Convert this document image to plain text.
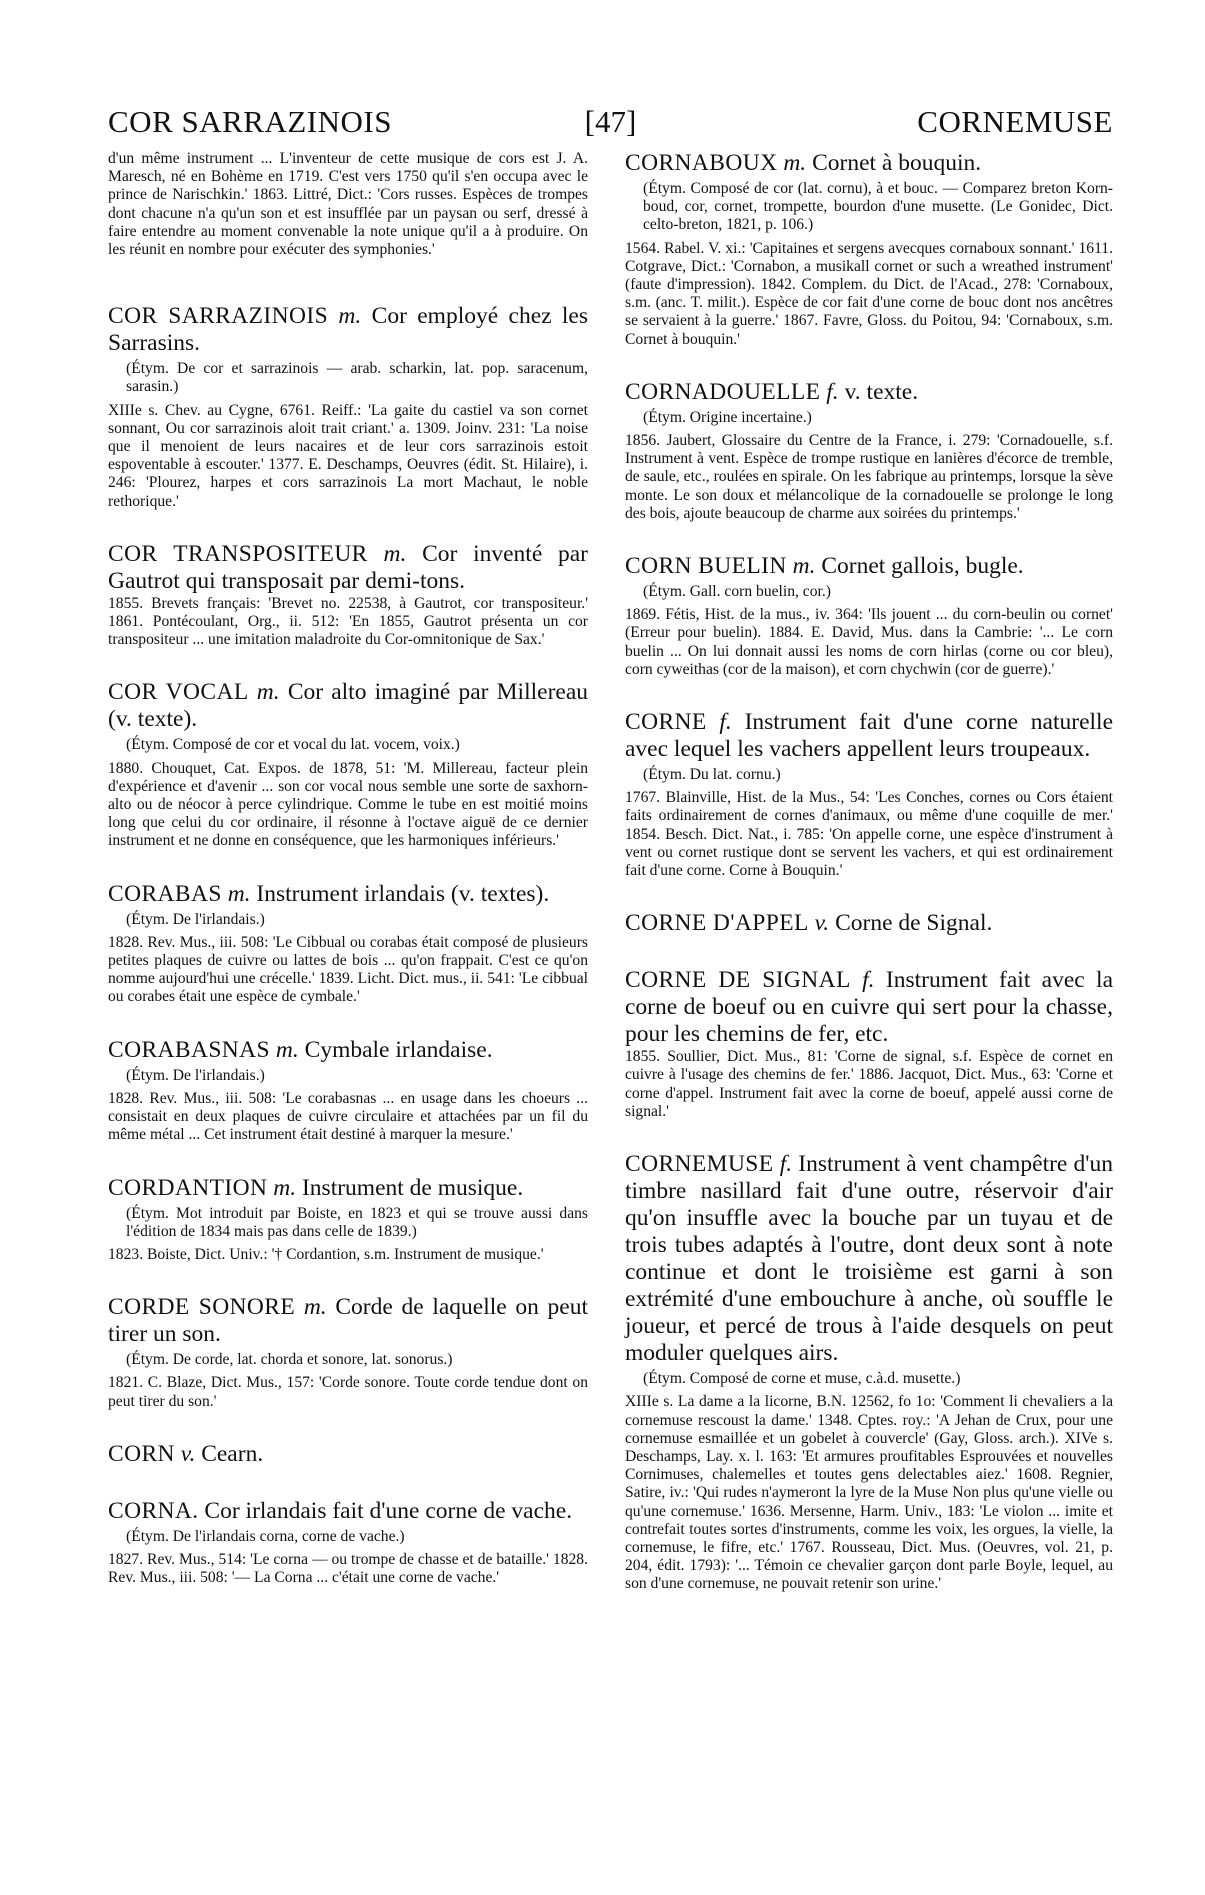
COR SARRAZINOIS	[47]	CORNEMUSE
d'un même instrument ... L'inventeur de cette musique de cors est J. A. Maresch, né en Bohème en 1719. C'est vers 1750 qu'il s'en occupa avec le prince de Narischkin.' 1863. Littré, Dict.: 'Cors russes. Espèces de trompes dont chacune n'a qu'un son et est insufflée par un paysan ou serf, dressé à faire entendre au moment convenable la note unique qu'il a à produire. On les réunit en nombre pour exécuter des symphonies.'
COR SARRAZINOIS m. Cor employé chez les Sarrasins.
(Étym. De cor et sarrazinois — arab. scharkin, lat. pop. saracenum, sarasin.)
XIIIe s. Chev. au Cygne, 6761. Reiff.: 'La gaite du castiel va son cornet sonnant, Ou cor sarrazinois aloit trait criant.' a. 1309. Joinv. 231: 'La noise que il menoient de leurs nacaires et de leur cors sarrazinois estoit espoventable à escouter.' 1377. E. Deschamps, Oeuvres (édit. St. Hilaire), i. 246: 'Plourez, harpes et cors sarrazinois La mort Machaut, le noble rethorique.'
COR TRANSPOSITEUR m. Cor inventé par Gautrot qui transposait par demi-tons.
1855. Brevets français: 'Brevet no. 22538, à Gautrot, cor transpositeur.' 1861. Pontécoulant, Org., ii. 512: 'En 1855, Gautrot présenta un cor transpositeur ... une imitation maladroite du Cor-omnitonique de Sax.'
COR VOCAL m. Cor alto imaginé par Millereau (v. texte).
(Étym. Composé de cor et vocal du lat. vocem, voix.)
1880. Chouquet, Cat. Expos. de 1878, 51: 'M. Millereau, facteur plein d'expérience et d'avenir ... son cor vocal nous semble une sorte de saxhorn-alto ou de néocor à perce cylindrique. Comme le tube en est moitié moins long que celui du cor ordinaire, il résonne à l'octave aiguë de ce dernier instrument et ne donne en conséquence, que les harmoniques inférieurs.'
CORABAS m. Instrument irlandais (v. textes).
(Étym. De l'irlandais.)
1828. Rev. Mus., iii. 508: 'Le Cibbual ou corabas était composé de plusieurs petites plaques de cuivre ou lattes de bois ... qu'on frappait. C'est ce qu'on nomme aujourd'hui une crécelle.' 1839. Licht. Dict. mus., ii. 541: 'Le cibbual ou corabes était une espèce de cymbale.'
CORABASNAS m. Cymbale irlandaise.
(Étym. De l'irlandais.)
1828. Rev. Mus., iii. 508: 'Le corabasnas ... en usage dans les choeurs ... consistait en deux plaques de cuivre circulaire et attachées par un fil du même métal ... Cet instrument était destiné à marquer la mesure.'
CORDANTION m. Instrument de musique.
(Étym. Mot introduit par Boiste, en 1823 et qui se trouve aussi dans l'édition de 1834 mais pas dans celle de 1839.)
1823. Boiste, Dict. Univ.: '† Cordantion, s.m. Instrument de musique.'
CORDE SONORE m. Corde de laquelle on peut tirer un son.
(Étym. De corde, lat. chorda et sonore, lat. sonorus.)
1821. C. Blaze, Dict. Mus., 157: 'Corde sonore. Toute corde tendue dont on peut tirer du son.'
CORN v. Cearn.
CORNA. Cor irlandais fait d'une corne de vache.
(Étym. De l'irlandais corna, corne de vache.)
1827. Rev. Mus., 514: 'Le corna — ou trompe de chasse et de bataille.' 1828. Rev. Mus., iii. 508: '— La Corna ... c'était une corne de vache.'
CORNABOUX m. Cornet à bouquin.
(Étym. Composé de cor (lat. cornu), à et bouc. — Comparez breton Korn-boud, cor, cornet, trompette, bourdon d'une musette. (Le Gonidec, Dict. celto-breton, 1821, p. 106.)
1564. Rabel. V. xi.: 'Capitaines et sergens avecques cornaboux sonnant.' 1611. Cotgrave, Dict.: 'Cornabon, a musikall cornet or such a wreathed instrument' (faute d'impression). 1842. Complem. du Dict. de l'Acad., 278: 'Cornaboux, s.m. (anc. T. milit.). Espèce de cor fait d'une corne de bouc dont nos ancêtres se servaient à la guerre.' 1867. Favre, Gloss. du Poitou, 94: 'Cornaboux, s.m. Cornet à bouquin.'
CORNADOUELLE f. v. texte.
(Étym. Origine incertaine.)
1856. Jaubert, Glossaire du Centre de la France, i. 279: 'Cornadouelle, s.f. Instrument à vent. Espèce de trompe rustique en lanières d'écorce de tremble, de saule, etc., roulées en spirale. On les fabrique au printemps, lorsque la sève monte. Le son doux et mélancolique de la cornadouelle se prolonge le long des bois, ajoute beaucoup de charme aux soirées du printemps.'
CORN BUELIN m. Cornet gallois, bugle.
(Étym. Gall. corn buelin, cor.)
1869. Fétis, Hist. de la mus., iv. 364: 'Ils jouent ... du corn-beulin ou cornet' (Erreur pour buelin). 1884. E. David, Mus. dans la Cambrie: '... Le corn buelin ... On lui donnait aussi les noms de corn hirlas (corne ou cor bleu), corn cyweithas (cor de la maison), et corn chychwin (cor de guerre).'
CORNE f. Instrument fait d'une corne naturelle avec lequel les vachers appellent leurs troupeaux.
(Étym. Du lat. cornu.)
1767. Blainville, Hist. de la Mus., 54: 'Les Conches, cornes ou Cors étaient faits ordinairement de cornes d'animaux, ou même d'une coquille de mer.' 1854. Besch. Dict. Nat., i. 785: 'On appelle corne, une espèce d'instrument à vent ou cornet rustique dont se servent les vachers, et qui est ordinairement fait d'une corne. Corne à Bouquin.'
CORNE D'APPEL v. Corne de Signal.
CORNE DE SIGNAL f. Instrument fait avec la corne de boeuf ou en cuivre qui sert pour la chasse, pour les chemins de fer, etc.
1855. Soullier, Dict. Mus., 81: 'Corne de signal, s.f. Espèce de cornet en cuivre à l'usage des chemins de fer.' 1886. Jacquot, Dict. Mus., 63: 'Corne et corne d'appel. Instrument fait avec la corne de boeuf, appelé aussi corne de signal.'
CORNEMUSE f. Instrument à vent champêtre d'un timbre nasillard fait d'une outre, réservoir d'air qu'on insuffle avec la bouche par un tuyau et de trois tubes adaptés à l'outre, dont deux sont à note continue et dont le troisième est garni à son extrémité d'une embouchure à anche, où souffle le joueur, et percé de trous à l'aide desquels on peut moduler quelques airs.
(Étym. Composé de corne et muse, c.à.d. musette.)
XIIIe s. La dame a la licorne, B.N. 12562, fo 1o: 'Comment li chevaliers a la cornemuse rescoust la dame.' 1348. Cptes. roy.: 'A Jehan de Crux, pour une cornemuse esmaillée et un gobelet à couvercle' (Gay, Gloss. arch.). XIVe s. Deschamps, Lay. x. l. 163: 'Et armures proufitables Esprouvées et nouvelles Cornimuses, chalemelles et toutes gens delectables aiez.' 1608. Regnier, Satire, iv.: 'Qui rudes n'aymeront la lyre de la Muse Non plus qu'une vielle ou qu'une cornemuse.' 1636. Mersenne, Harm. Univ., 183: 'Le violon ... imite et contrefait toutes sortes d'instruments, comme les voix, les orgues, la vielle, la cornemuse, le fifre, etc.' 1767. Rousseau, Dict. Mus. (Oeuvres, vol. 21, p. 204, édit. 1793): '... Témoin ce chevalier garçon dont parle Boyle, lequel, au son d'une cornemuse, ne pouvait retenir son urine.'
